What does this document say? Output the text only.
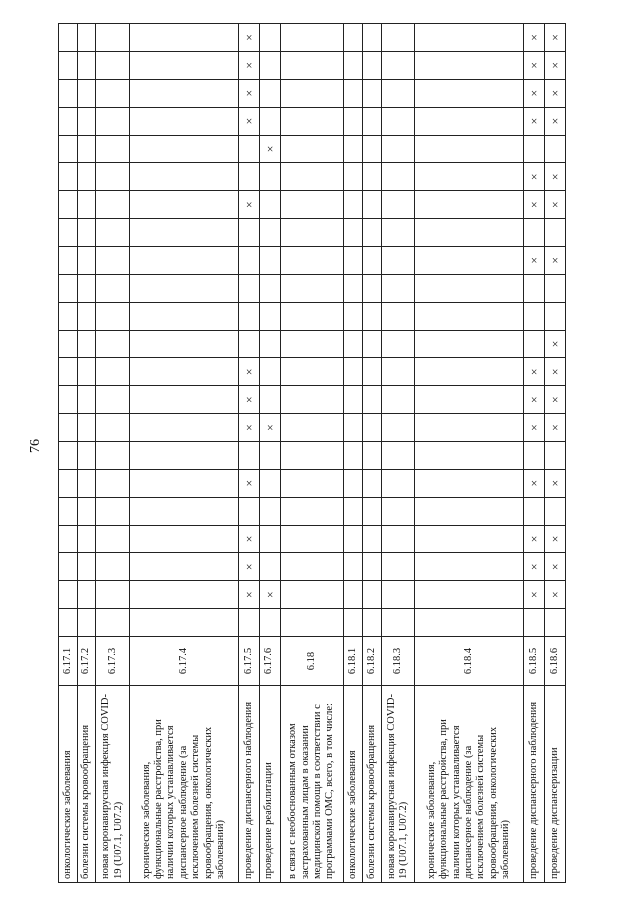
76
онкологические заболевания	6.17.1																						
болезни системы кровообращения	6.17.2																						
новая коронавирусная инфекция COVID-19 (U07.1, U07.2)	6.17.3																						
хронические заболевания, функциональные расстройства, при наличии которых устанавливается диспансерное наблюдение (за исключением болезней системы кровообращения, онкологических заболеваний)	6.17.4																						
проведение диспансерного наблюдения	6.17.5		×	×	×		×		×	×	×						×			×	×	×	×
проведение реабилитации	6.17.6		×						×										×				
в связи с необоснованным отказом застрахованным лицам в оказании медицинской помощи в соответствии с программами ОМС, всего, в том числе:	6.18																						
онкологические заболевания	6.18.1																						
болезни системы кровообращения	6.18.2																						
новая коронавирусная инфекция COVID-19 (U07.1, U07.2)	6.18.3																						
хронические заболевания, функциональные расстройства, при наличии которых устанавливается диспансерное наблюдение (за исключением болезней системы кровообращения, онкологических заболеваний)	6.18.4																						
проведение диспансерного наблюдения	6.18.5		×	×	×		×		×	×	×				×		×	×		×	×	×	×
проведение диспансеризации	6.18.6		×	×	×		×		×	×	×	×			×		×	×		×	×	×	×
